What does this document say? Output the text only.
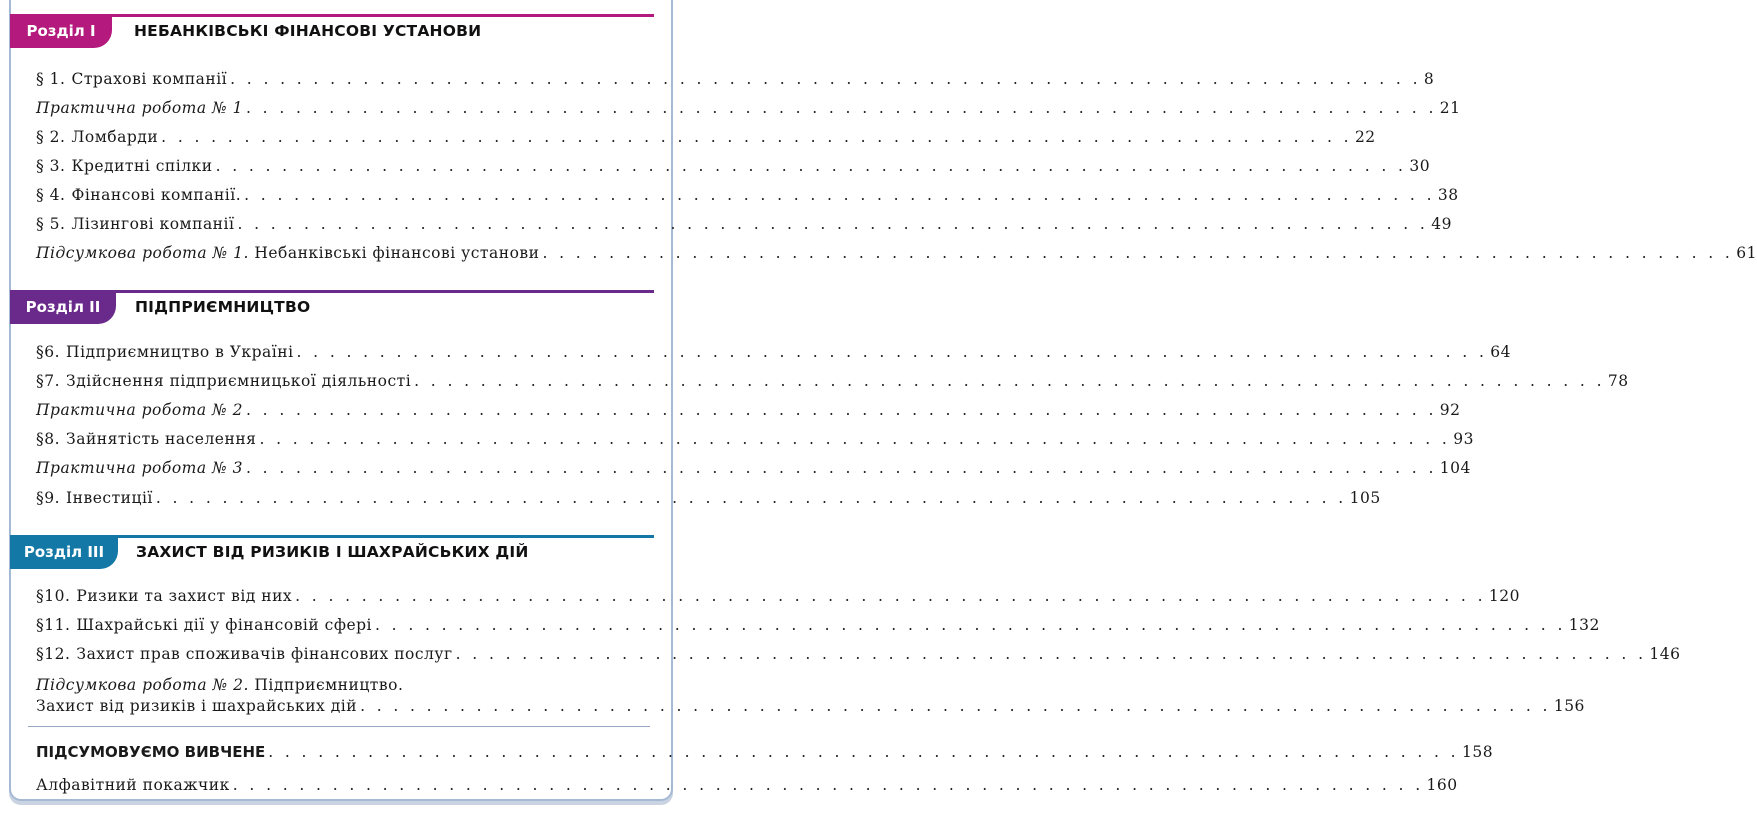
Розділ I	НЕБАНКІВСЬКІ ФІНАНСОВІ УСТАНОВИ
§ 1. Страхові компанії . . . . . . . . . . . . . . . . . . . . . . . . . . . . . . . . . . . . . . . . . . . . . . . . . . . . . . . . . . . . . . . . . . . . . . . . 8
Практична робота № 1 . . . . . . . . . . . . . . . . . . . . . . . . . . . . . . . . . . . . . . . . . . . . . . . . . . . . . . . . . . . . . . . . . . . . . . . . 21
§ 2. Ломбарди . . . . . . . . . . . . . . . . . . . . . . . . . . . . . . . . . . . . . . . . . . . . . . . . . . . . . . . . . . . . . . . . . . . . . . . . 22
§ 3. Кредитні спілки . . . . . . . . . . . . . . . . . . . . . . . . . . . . . . . . . . . . . . . . . . . . . . . . . . . . . . . . . . . . . . . . . . . . . . . . 30
§ 4. Фінансові компанії. . . . . . . . . . . . . . . . . . . . . . . . . . . . . . . . . . . . . . . . . . . . . . . . . . . . . . . . . . . . . . . . . . . . . . . . . 38
§ 5. Лізингові компанії . . . . . . . . . . . . . . . . . . . . . . . . . . . . . . . . . . . . . . . . . . . . . . . . . . . . . . . . . . . . . . . . . . . . . . . . 49
Підсумкова робота № 1. Небанківські фінансові установи . . . . . . . . . . . . . . . . . . . . . . . . . . . . . . . . . . . . . . . . . . . . . . . . . . . . . . . . . . . . . . . . . . . . . . . . 61
Розділ II	ПІДПРИЄМНИЦТВО
§6. Підприємництво в Україні . . . . . . . . . . . . . . . . . . . . . . . . . . . . . . . . . . . . . . . . . . . . . . . . . . . . . . . . . . . . . . . . . . . . . . . . 64
§7. Здійснення підприємницької діяльності . . . . . . . . . . . . . . . . . . . . . . . . . . . . . . . . . . . . . . . . . . . . . . . . . . . . . . . . . . . . . . . . . . . . . . . . 78
Практична робота № 2 . . . . . . . . . . . . . . . . . . . . . . . . . . . . . . . . . . . . . . . . . . . . . . . . . . . . . . . . . . . . . . . . . . . . . . . . 92
§8. Зайнятість населення . . . . . . . . . . . . . . . . . . . . . . . . . . . . . . . . . . . . . . . . . . . . . . . . . . . . . . . . . . . . . . . . . . . . . . . . 93
Практична робота № 3 . . . . . . . . . . . . . . . . . . . . . . . . . . . . . . . . . . . . . . . . . . . . . . . . . . . . . . . . . . . . . . . . . . . . . . . . 104
§9. Інвестиції . . . . . . . . . . . . . . . . . . . . . . . . . . . . . . . . . . . . . . . . . . . . . . . . . . . . . . . . . . . . . . . . . . . . . . . . 105
Розділ III	ЗАХИСТ ВІД РИЗИКІВ І ШАХРАЙСЬКИХ ДІЙ
§10. Ризики та захист від них . . . . . . . . . . . . . . . . . . . . . . . . . . . . . . . . . . . . . . . . . . . . . . . . . . . . . . . . . . . . . . . . . . . . . . . . 120
§11. Шахрайські дії у фінансовій сфері . . . . . . . . . . . . . . . . . . . . . . . . . . . . . . . . . . . . . . . . . . . . . . . . . . . . . . . . . . . . . . . . . . . . . . . . 132
§12. Захист прав споживачів фінансових послуг . . . . . . . . . . . . . . . . . . . . . . . . . . . . . . . . . . . . . . . . . . . . . . . . . . . . . . . . . . . . . . . . . . . . . . . . 146
Підсумкова робота № 2. Підприємництво.
Захист від ризиків і шахрайських дій . . . . . . . . . . . . . . . . . . . . . . . . . . . . . . . . . . . . . . . . . . . . . . . . . . . . . . . . . . . . . . . . . . . . . . . . 156
ПІДСУМОВУЄМО ВИВЧЕНЕ . . . . . . . . . . . . . . . . . . . . . . . . . . . . . . . . . . . . . . . . . . . . . . . . . . . . . . . . . . . . . . . . . . . . . . . . 158
Алфавітний покажчик . . . . . . . . . . . . . . . . . . . . . . . . . . . . . . . . . . . . . . . . . . . . . . . . . . . . . . . . . . . . . . . . . . . . . . . . 160
